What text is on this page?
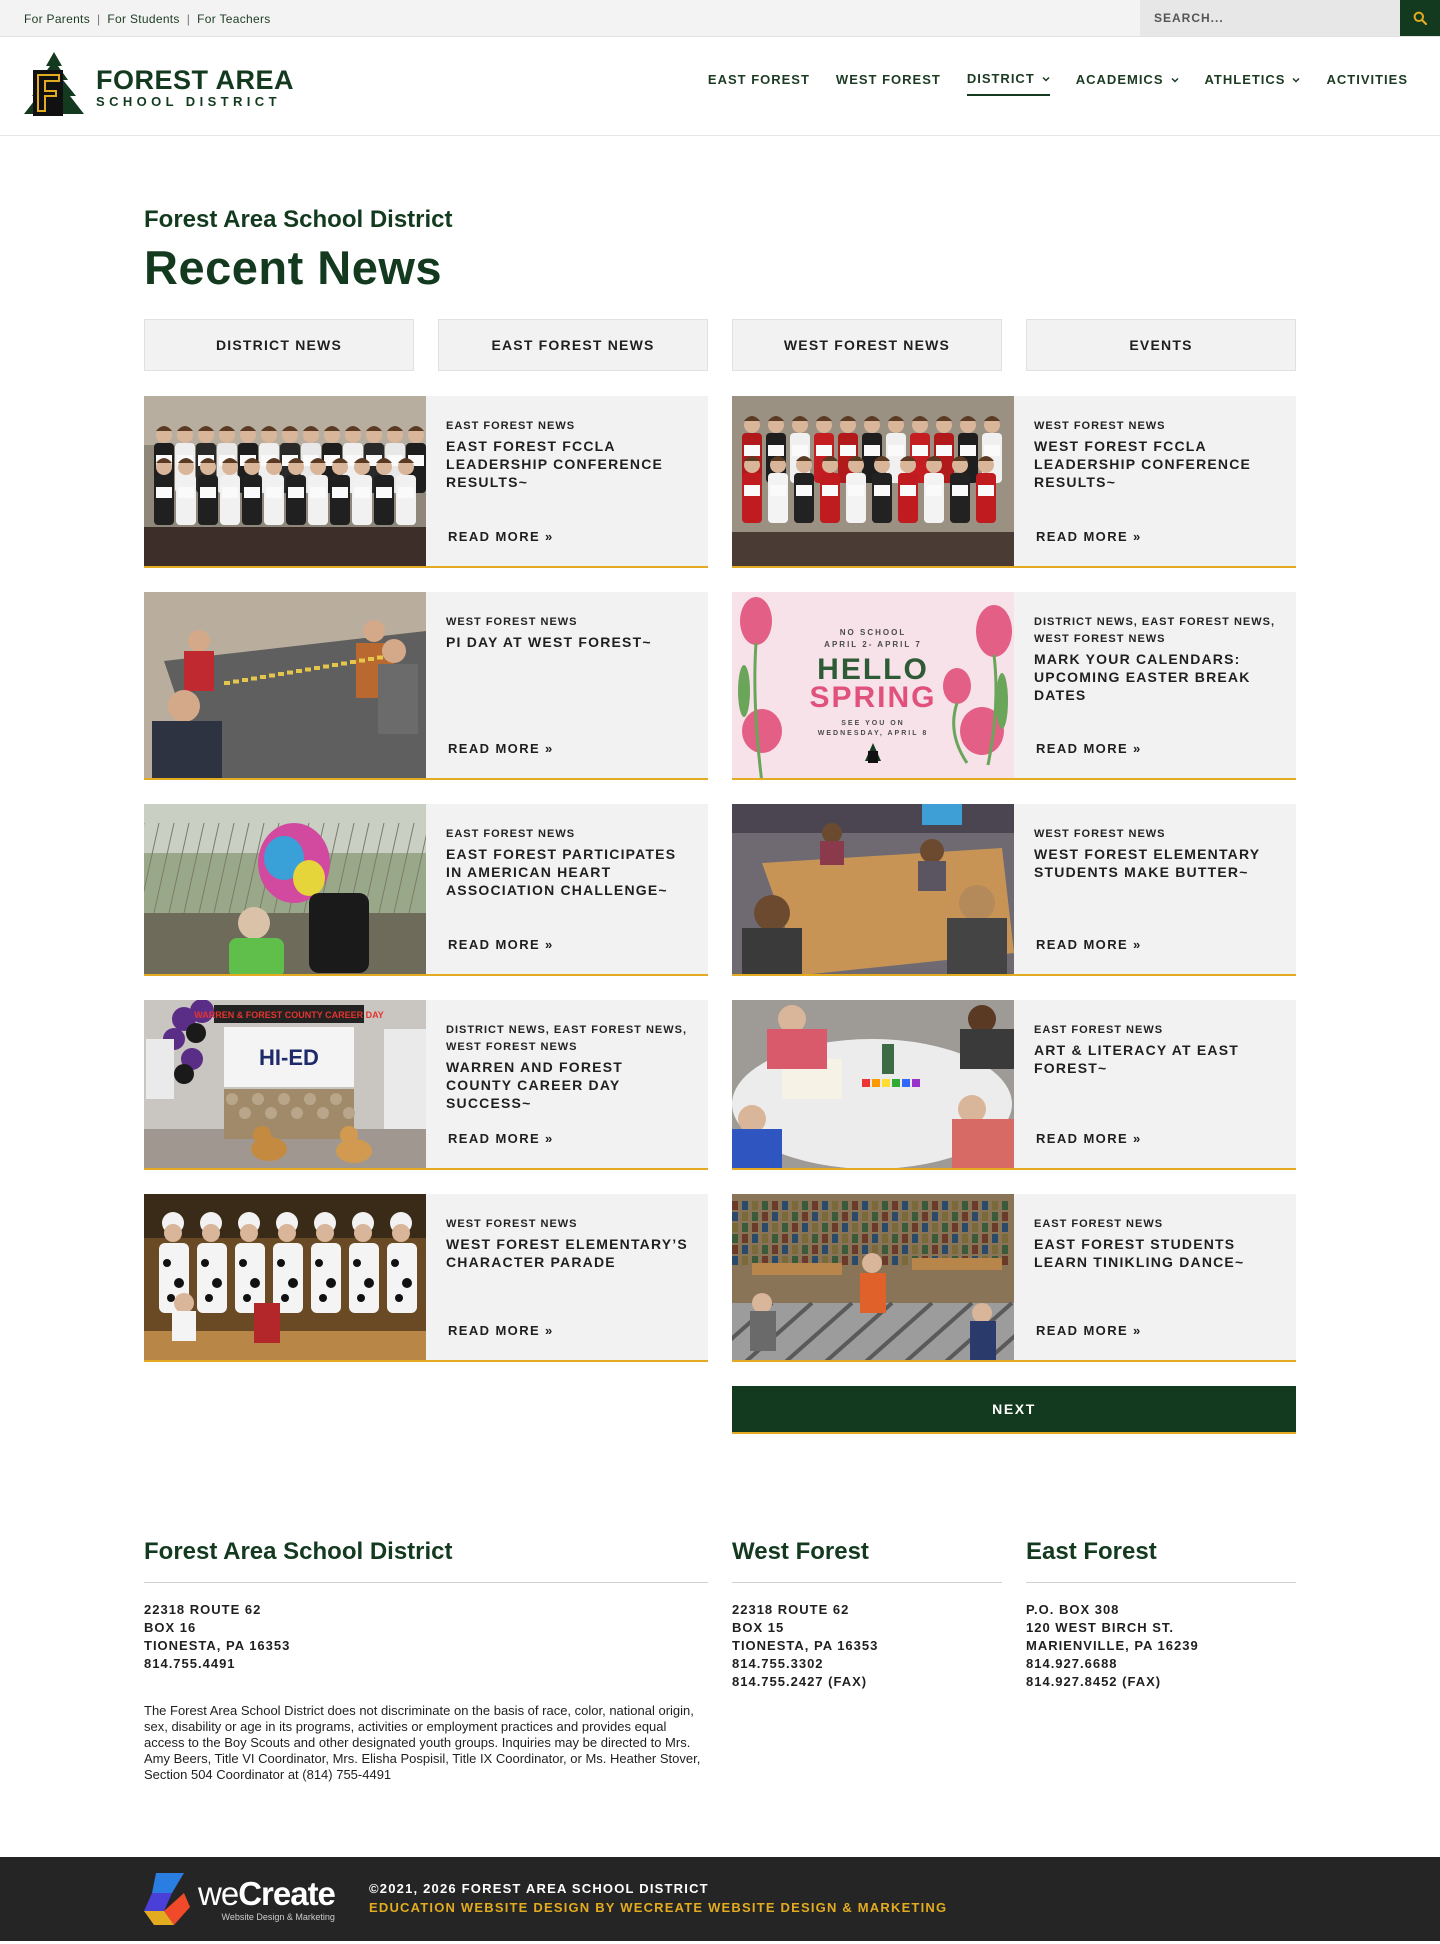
For Parents | For Students | For Teachers
SEARCH...
FOREST AREA
SCHOOL DISTRICT
EAST FOREST WEST FOREST DISTRICT	ACADEMICS	ATHLETICS	ACTIVITIES
Forest Area School District
Recent News
DISTRICT NEWS	EAST FOREST NEWS	WEST FOREST NEWS	EVENTS
EAST FOREST NEWS
EAST FOREST FCCLA LEADERSHIP CONFERENCE RESULTS~
READ MORE »
WEST FOREST NEWS
WEST FOREST FCCLA LEADERSHIP CONFERENCE RESULTS~
READ MORE »
WEST FOREST NEWS
PI DAY AT WEST FOREST~
READ MORE »
NO SCHOOL
APRIL 2- APRIL 7
HELLO
SPRING
SEE YOU ON
WEDNESDAY, APRIL 8
DISTRICT NEWS, EAST FOREST NEWS, WEST FOREST NEWS
MARK YOUR CALENDARS: UPCOMING EASTER BREAK DATES
READ MORE »
EAST FOREST NEWS
EAST FOREST PARTICIPATES IN AMERICAN HEART ASSOCIATION CHALLENGE~
READ MORE »
WEST FOREST NEWS
WEST FOREST ELEMENTARY STUDENTS MAKE BUTTER~
READ MORE »
WARREN & FOREST COUNTY CAREER DAY
HI-ED
DISTRICT NEWS, EAST FOREST NEWS, WEST FOREST NEWS
WARREN AND FOREST COUNTY CAREER DAY SUCCESS~
READ MORE »
EAST FOREST NEWS
ART & LITERACY AT EAST FOREST~
READ MORE »
WEST FOREST NEWS
WEST FOREST ELEMENTARY’S CHARACTER PARADE
READ MORE »
EAST FOREST NEWS
EAST FOREST STUDENTS LEARN TINIKLING DANCE~
READ MORE »
NEXT
Forest Area School District
22318 ROUTE 62
BOX 16
TIONESTA, PA 16353
814.755.4491

The Forest Area School District does not discriminate on the basis of race, color, national origin, sex, disability or age in its programs, activities or employment practices and provides equal access to the Boy Scouts and other designated youth groups. Inquiries may be directed to Mrs. Amy Beers, Title VI Coordinator, Mrs. Elisha Pospisil, Title IX Coordinator, or Ms. Heather Stover, Section 504 Coordinator at (814) 755-4491

West Forest
22318 ROUTE 62
BOX 15
TIONESTA, PA 16353
814.755.3302
814.755.2427 (FAX)
East Forest
P.O. BOX 308
120 WEST BIRCH ST.
MARIENVILLE, PA 16239
814.927.6688
814.927.8452 (FAX)
weCreate
Website Design & Marketing
©2021, 2026 FOREST AREA SCHOOL DISTRICT
EDUCATION WEBSITE DESIGN BY WECREATE WEBSITE DESIGN & MARKETING
